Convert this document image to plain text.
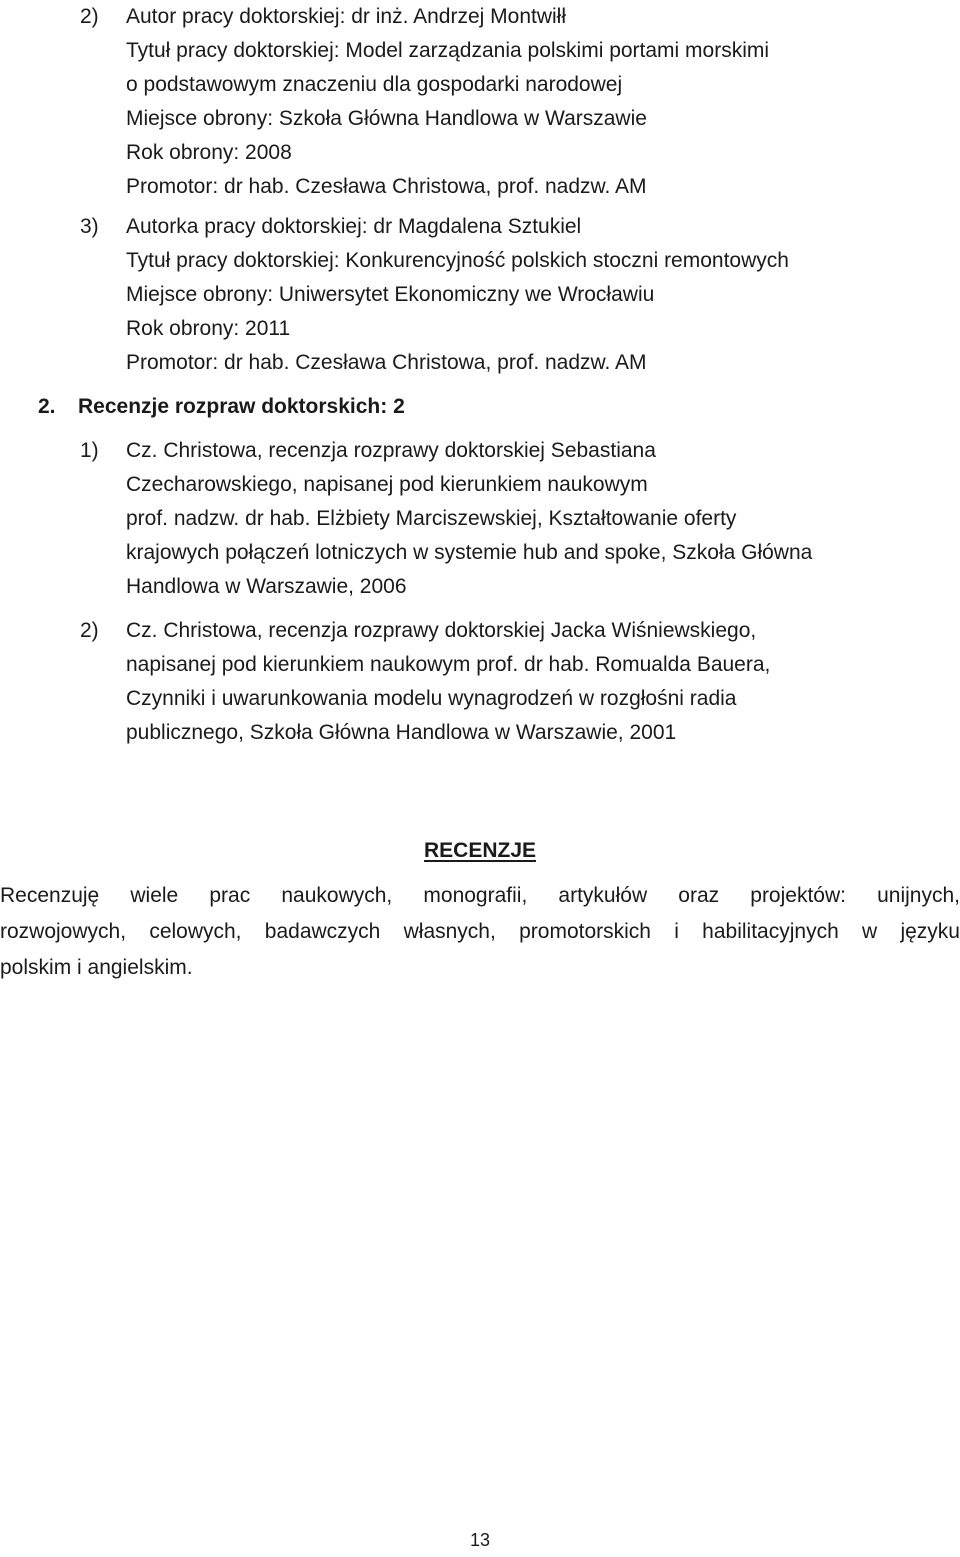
2)	Autor pracy doktorskiej: dr inż. Andrzej Montwiłł
Tytuł pracy doktorskiej: Model zarządzania polskimi portami morskimi
o podstawowym znaczeniu dla gospodarki narodowej
Miejsce obrony: Szkoła Główna Handlowa w Warszawie
Rok obrony: 2008
Promotor: dr hab. Czesława Christowa, prof. nadzw. AM
3)	Autorka pracy doktorskiej: dr Magdalena Sztukiel
Tytuł pracy doktorskiej: Konkurencyjność polskich stoczni remontowych
Miejsce obrony: Uniwersytet Ekonomiczny we Wrocławiu
Rok obrony: 2011
Promotor: dr hab. Czesława Christowa, prof. nadzw. AM
2. Recenzje rozpraw doktorskich: 2
1)	Cz. Christowa, recenzja rozprawy doktorskiej Sebastiana
Czecharowskiego, napisanej pod kierunkiem naukowym
prof. nadzw. dr hab. Elżbiety Marciszewskiej, Kształtowanie oferty
krajowych połączeń lotniczych w systemie hub and spoke, Szkoła Główna
Handlowa w Warszawie, 2006
2)	Cz. Christowa, recenzja rozprawy doktorskiej Jacka Wiśniewskiego,
napisanej pod kierunkiem naukowym prof. dr hab. Romualda Bauera,
Czynniki i uwarunkowania modelu wynagrodzeń w rozgłośni radia
publicznego, Szkoła Główna Handlowa w Warszawie, 2001
RECENZJE
Recenzuję wiele prac naukowych, monografii, artykułów oraz projektów: unijnych,
rozwojowych, celowych, badawczych własnych, promotorskich i habilitacyjnych w języku
polskim i angielskim.
13
